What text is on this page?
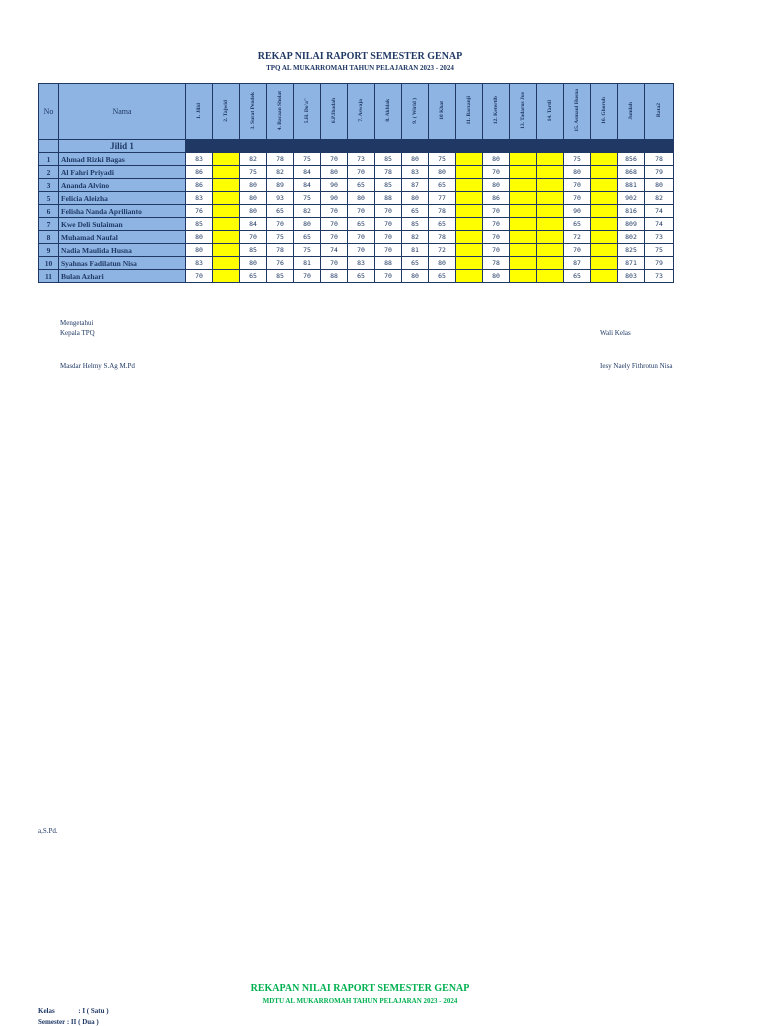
REKAP NILAI RAPORT SEMESTER GENAP
TPQ AL MUKARROMAH TAHUN PELAJARAN 2023 - 2024
No	Nama	1. Jilid	2. Tajwid	3. Surat Pendek	4. Bacaan Sholat	5.H. Do'a"	6.P.Ibadah	7. Aswaja	8. Akhlak	9. ( Wirid )	10 Khat	11. Barzanji	12. Ketertib	13. Tadarus Jus	14. Tartil	15. Asmaul Husna	16. Ghoruh	Jumlah	Rata2
	Jilid 1																		
1	Ahmad Rizki Bagas	83		82	78	75	70	73	85	80	75		80			75		856	78
2	Al Fahri Priyadi	86		75	82	84	80	70	78	83	80		70			80		868	79
3	Ananda Alvino	86		80	89	84	90	65	85	87	65		80			70		881	80
5	Felicia Aleizha	83		80	93	75	90	80	88	80	77		86			70		902	82
6	Felisha Nanda Aprilianto	76		80	65	82	70	70	70	65	78		70			90		816	74
7	Kwe Deli Sulaiman	85		84	70	80	70	65	70	85	65		70			65		809	74
8	Muhamad Naufal	80		70	75	65	70	70	70	82	78		70			72		802	73
9	Nadia Maulida Husna	80		85	78	75	74	70	70	81	72		70			70		825	75
10	Syahnas Fadilatun Nisa	83		80	76	81	70	83	88	65	80		78			87		871	79
11	Bulan Azhari	70		65	85	70	88	65	70	80	65		80			65		803	73
Mengetahui
Kepala TPQ	Wali Kelas
Masdar Helmy S.Ag M.Pd	Iesy Naely Fithrotun Nisa
a,S.Pd.
REKAPAN NILAI RAPORT SEMESTER GENAP
MDTU AL MUKARROMAH TAHUN PELAJARAN 2023 - 2024
Kelas	: I ( Satu )
Semester : II ( Dua )
